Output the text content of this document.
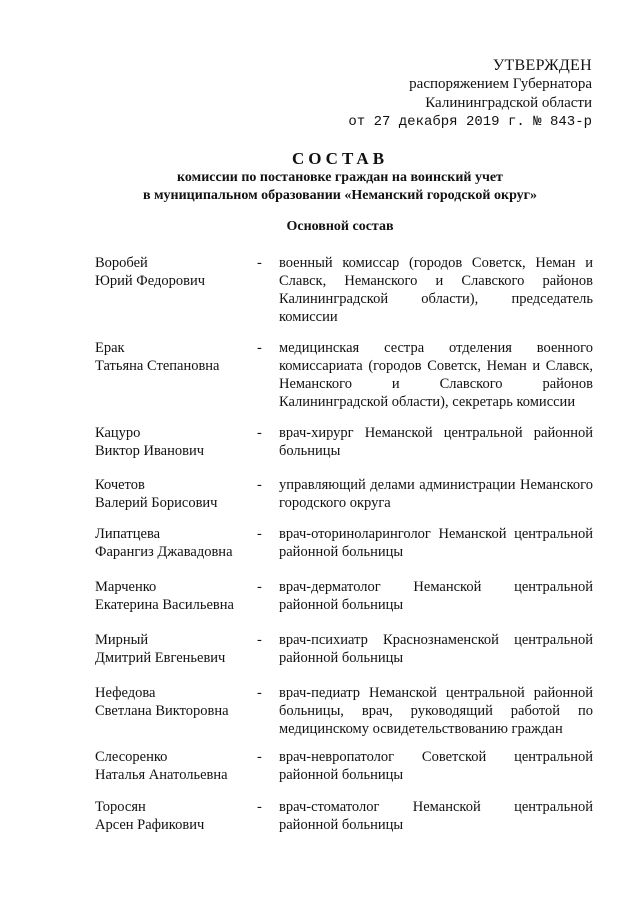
УТВЕРЖДЕН
распоряжением Губернатора
Калининградской области
от 27 декабря 2019 г. № 843-р
СОСТАВ
комиссии по постановке граждан на воинский учет
в муниципальном образовании «Неманский городской округ»
Основной состав
Воробей
Юрий Федорович
- военный комиссар (городов Советск, Неман и Славск, Неманского и Славского районов Калининградской области), председатель комиссии
Ерак
Татьяна Степановна
- медицинская сестра отделения военного комиссариата (городов Советск, Неман и Славск, Неманского и Славского районов Калининградской области), секретарь комиссии
Кацуро
Виктор Иванович
- врач-хирург Неманской центральной районной больницы
Кочетов
Валерий Борисович
- управляющий делами администрации Неманского городского округа
Липатцева
Фарангиз Джавадовна
- врач-оториноларинголог Неманской центральной районной больницы
Марченко
Екатерина Васильевна
- врач-дерматолог Неманской центральной районной больницы
Мирный
Дмитрий Евгеньевич
- врач-психиатр Краснознаменской центральной районной больницы
Нефедова
Светлана Викторовна
- врач-педиатр Неманской центральной районной больницы, врач, руководящий работой по медицинскому освидетельствованию граждан
Слесоренко
Наталья Анатольевна
- врач-невропатолог Советской центральной районной больницы
Торосян
Арсен Рафикович
- врач-стоматолог Неманской центральной районной больницы
